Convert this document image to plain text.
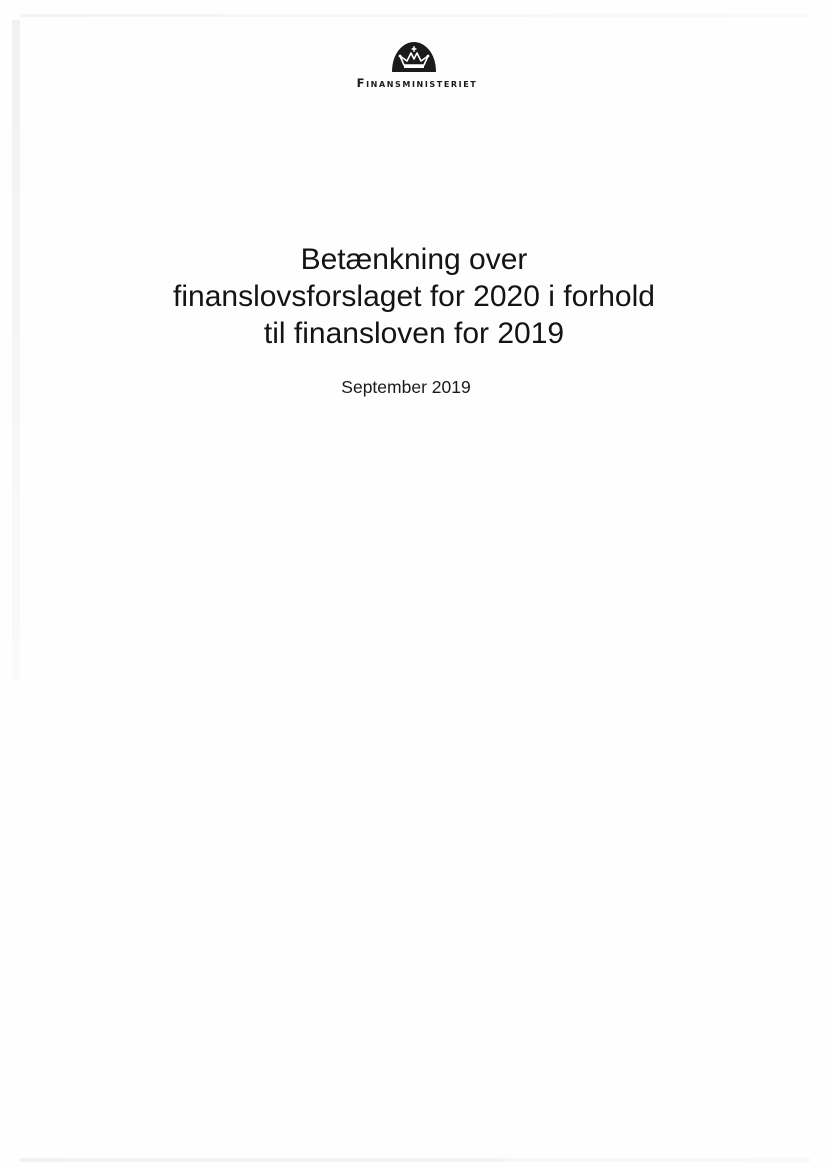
Finansministeriet
Betænkning over
finanslovsforslaget for 2020 i forhold
til finansloven for 2019
September 2019
